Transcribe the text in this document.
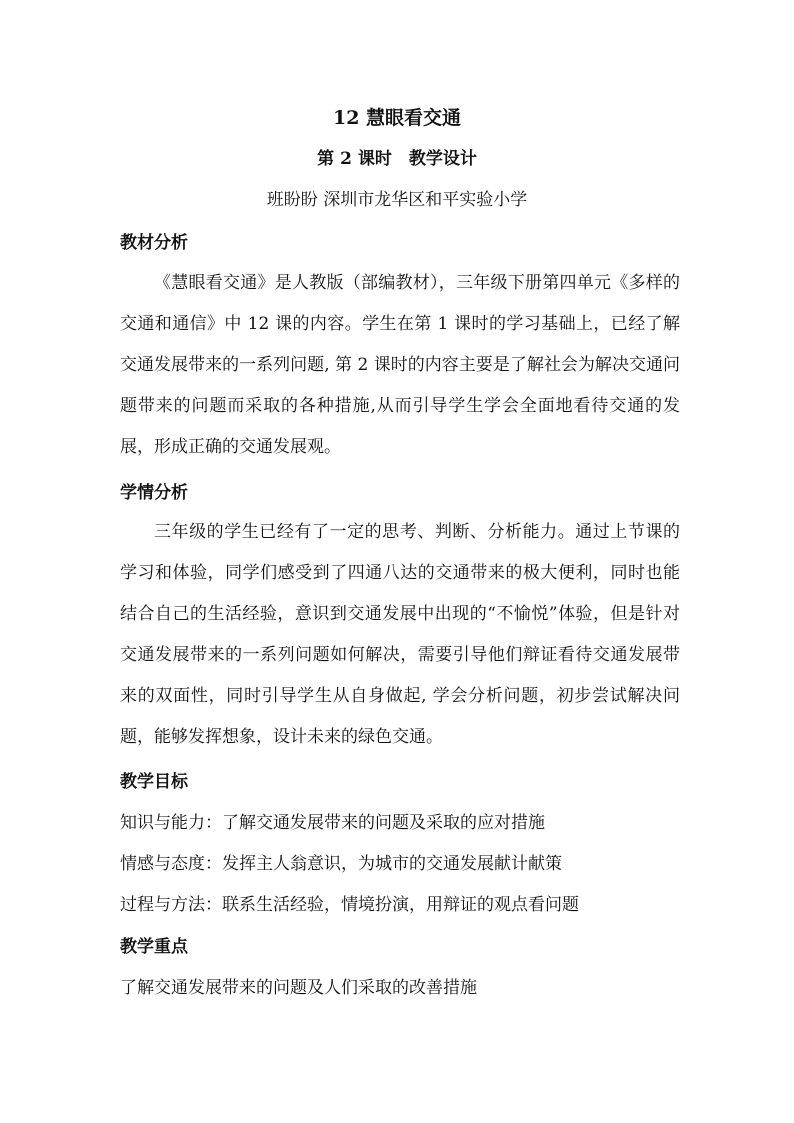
12 慧眼看交通
第 2 课时　教学设计
班盼盼 深圳市龙华区和平实验小学
教材分析
《慧眼看交通》是人教版（部编教材），三年级下册第四单元《多样的交通和通信》中 12 课的内容。学生在第 1 课时的学习基础上，已经了解交通发展带来的一系列问题, 第 2 课时的内容主要是了解社会为解决交通问题带来的问题而采取的各种措施,从而引导学生学会全面地看待交通的发展，形成正确的交通发展观。
学情分析
三年级的学生已经有了一定的思考、判断、分析能力。通过上节课的学习和体验，同学们感受到了四通八达的交通带来的极大便利，同时也能结合自己的生活经验，意识到交通发展中出现的“不愉悦”体验，但是针对交通发展带来的一系列问题如何解决，需要引导他们辩证看待交通发展带来的双面性，同时引导学生从自身做起, 学会分析问题，初步尝试解决问题，能够发挥想象，设计未来的绿色交通。
教学目标
知识与能力：了解交通发展带来的问题及采取的应对措施
情感与态度：发挥主人翁意识，为城市的交通发展献计献策
过程与方法：联系生活经验，情境扮演，用辩证的观点看问题
教学重点
了解交通发展带来的问题及人们采取的改善措施
